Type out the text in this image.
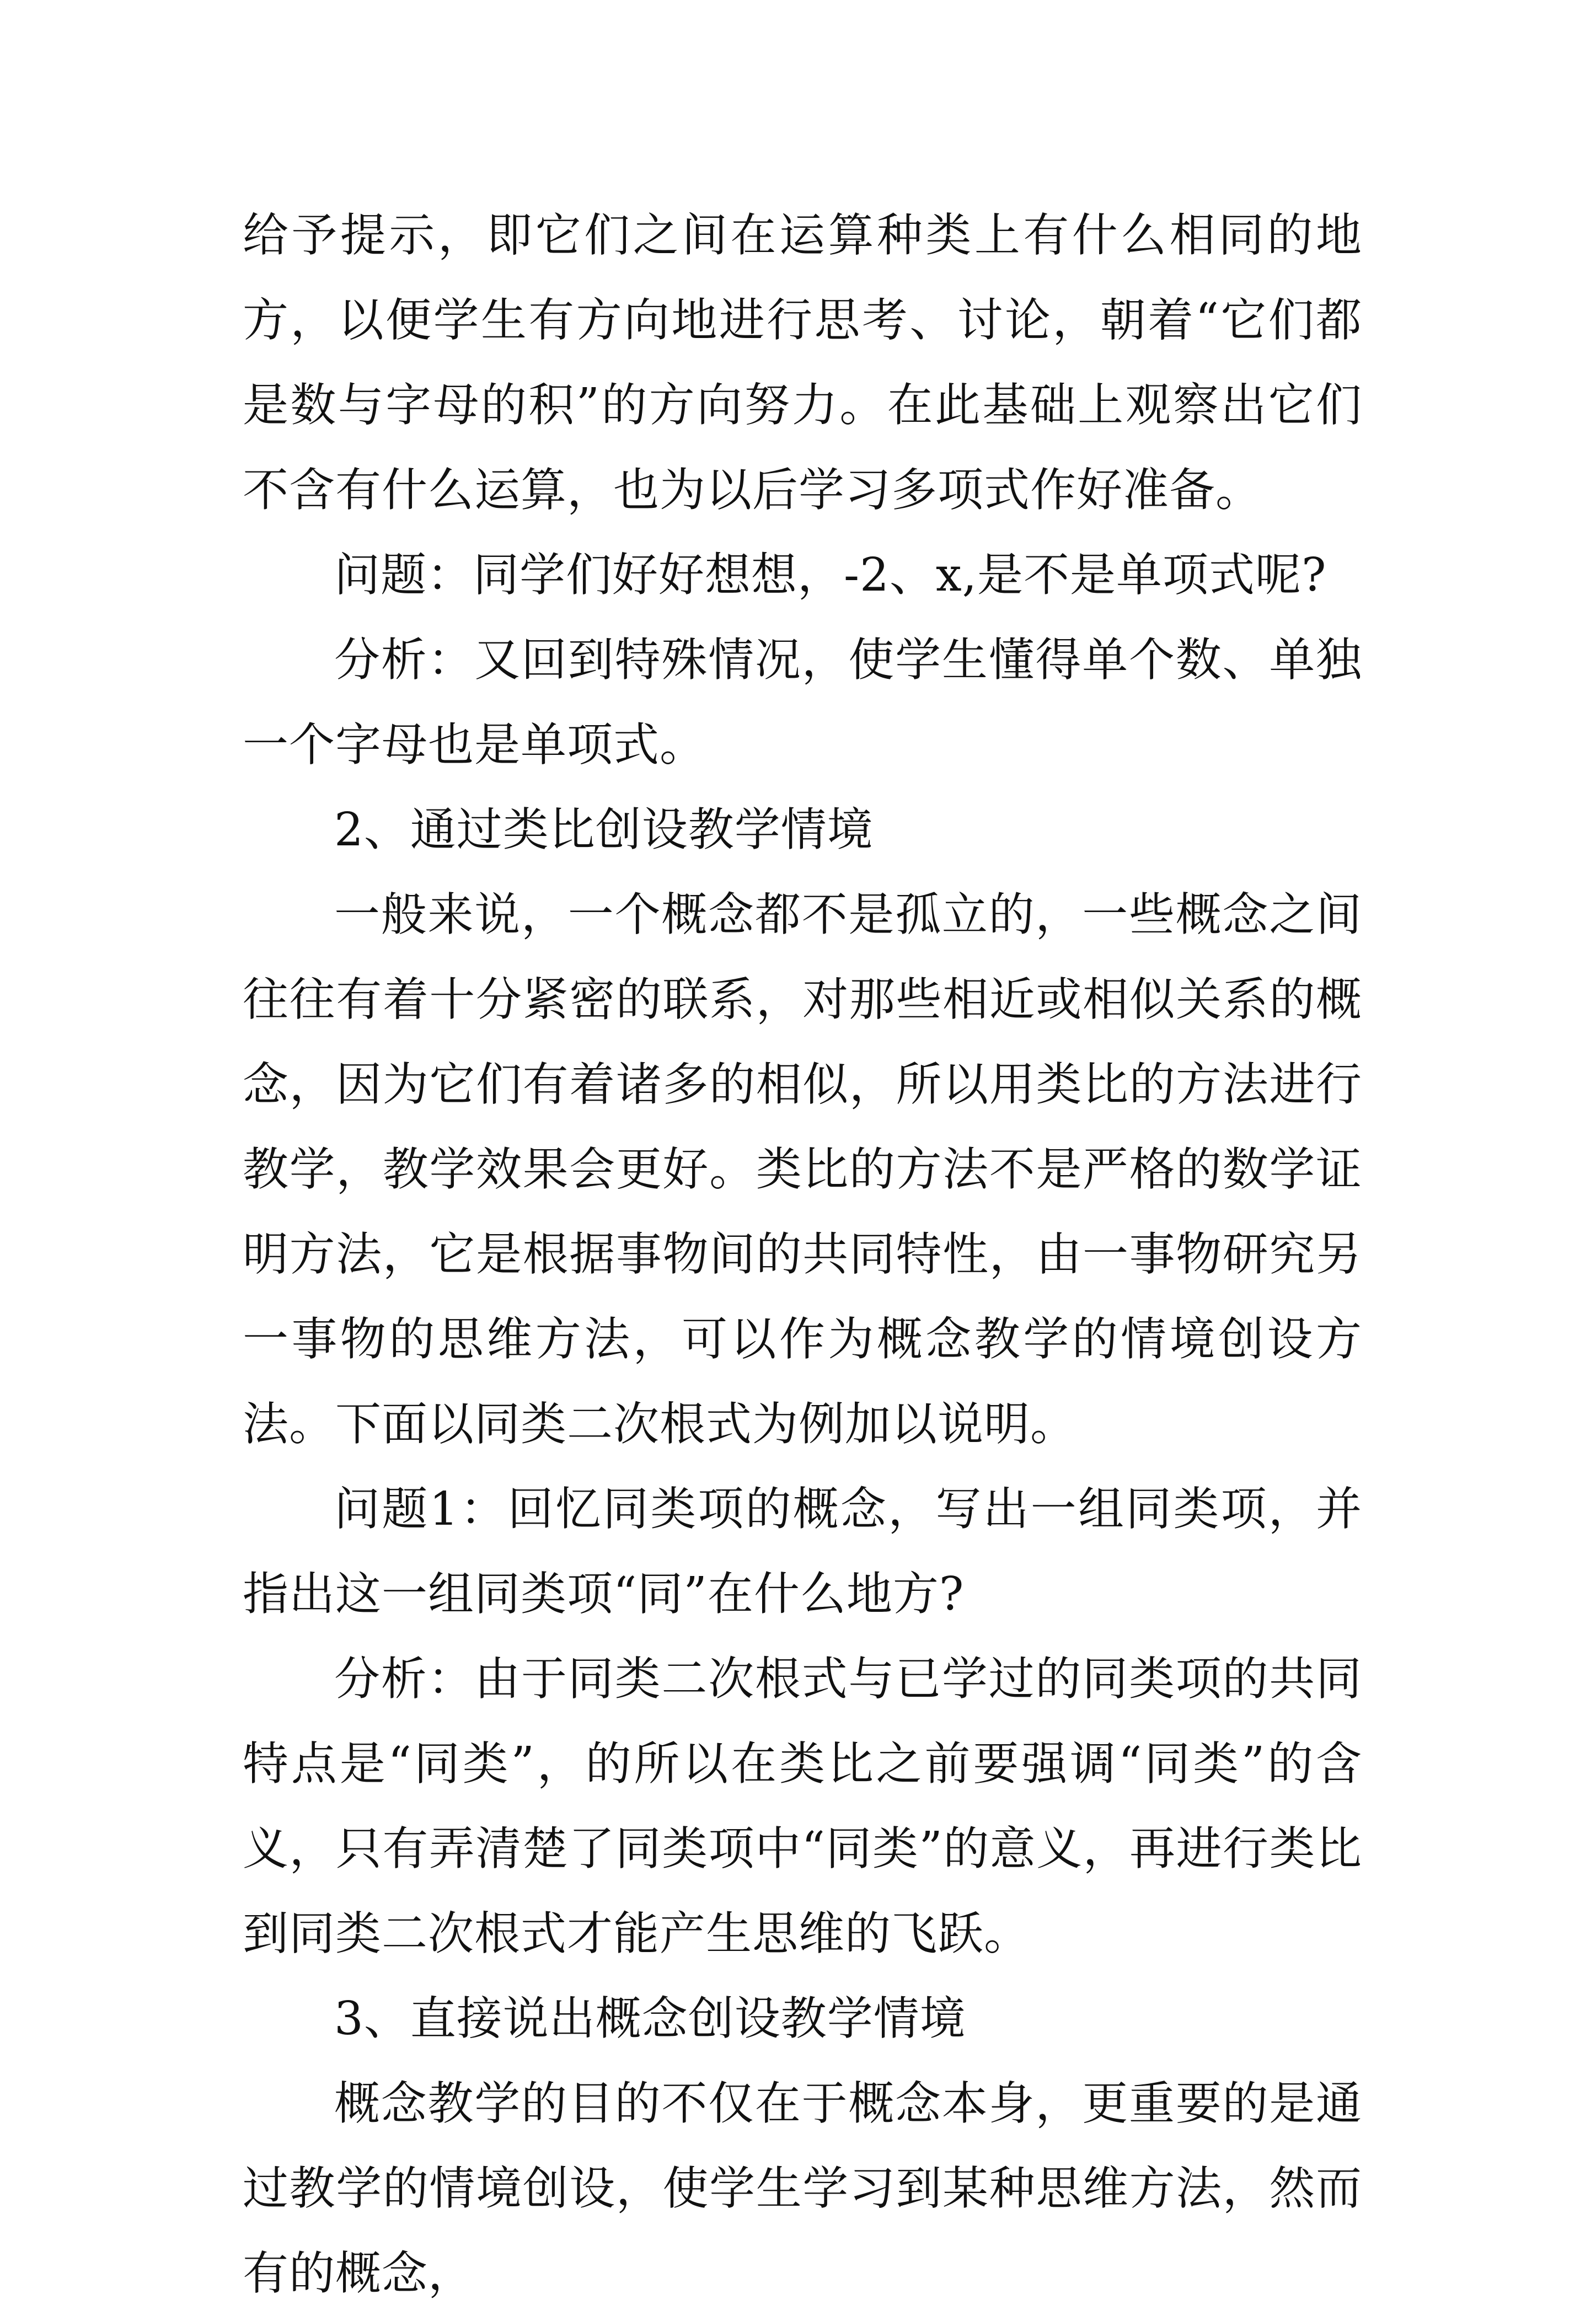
给予提示，即它们之间在运算种类上有什么相同的地方，以便学生有方向地进行思考、讨论，朝着“它们都是数与字母的积”的方向努力。在此基础上观察出它们不含有什么运算，也为以后学习多项式作好准备。

问题：同学们好好想想，-2、x,是不是单项式呢?

分析：又回到特殊情况，使学生懂得单个数、单独一个字母也是单项式。

2、通过类比创设教学情境

一般来说，一个概念都不是孤立的，一些概念之间往往有着十分紧密的联系，对那些相近或相似关系的概念，因为它们有着诸多的相似，所以用类比的方法进行教学，教学效果会更好。类比的方法不是严格的数学证明方法，它是根据事物间的共同特性，由一事物研究另一事物的思维方法，可以作为概念教学的情境创设方法。下面以同类二次根式为例加以说明。

问题1：回忆同类项的概念，写出一组同类项，并指出这一组同类项“同”在什么地方?

分析：由于同类二次根式与已学过的同类项的共同特点是“同类”，的所以在类比之前要强调“同类”的含义，只有弄清楚了同类项中“同类”的意义，再进行类比到同类二次根式才能产生思维的飞跃。

3、直接说出概念创设教学情境

概念教学的目的不仅在于概念本身，更重要的是通过教学的情境创设，使学生学习到某种思维方法，然而有的概念，
